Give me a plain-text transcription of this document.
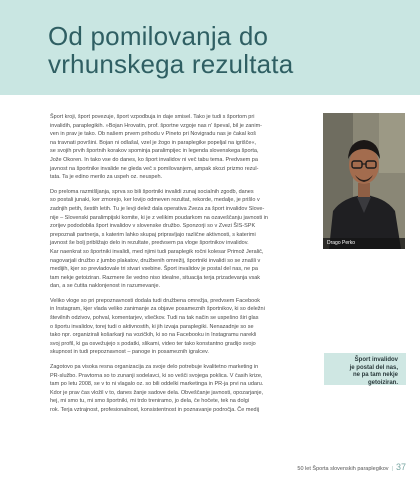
Od pomilovanja do
vrhunskega rezultata

Šport kroji, šport povezuje, šport vzpodbuja in daje smisel. Tako je tudi s športom pri
invalidih, paraplegikih. »Bojan Hrovatin, prof. športne vzgoje nas n' špeval, bil je zanim-
ven in prav je tako. Ob našem prvem prihodu v Pineto pri Novigradu nas je čakal koš
na travnati površini. Bojan ni odlašal, vzel je žogo in paraplegike popeljal na igrišče«,
se svojih prvih športnih korakov spominja paralimpijec in legenda slovenskega športa,
Jože Okoren. In tako vse do danes, ko šport invalidov ni več tabu tema. Predvsem pa
javnost na športnike invalide ne gleda več s pomilovanjem, ampak skozi prizmo rezul-
tata. Ta je edino merilo za uspeh oz. neuspeh.

Do preloma razmišljanja, sprva so bili športniki invalidi zunaj socialnih zgodb, danes
so postali junaki, ker zmorejo, ker lovijo odmeven rezultat, rekorde, medalje, je prišlo v
zadnjih petih, šestih letih. Tu je levji delež dala operativa Zveza za šport invalidov Slove-
nije – Slovenski paralimpijski komite, ki je z velikim poudarkom na ozaveščanju javnosti in
zorijev pododobila šport invalidov v slovenske družbo. Sponzorji so v Zvezi ŠIS-SPK
prepoznali partnerja, s katerim lahko skupaj pripravljajo različne aktivnosti, s katerimi
javnost še bolj približajo delo in rezultate, predvsem pa vloge športnikov invalidov.
Kar naenkrat so športniki invalidi, med njimi tudi paraplegik ročni kolesar Primož Jeralič,
nagovarjali družbo z jumbo plakatov, družbenih omrežij, športniki invalidi so se znašli v
medijih, kjer so prevladovale tri stvari vsebine. Šport invalidov je postal del nas, ne pa
tam nekje getoiziran. Razmere še vedno niso idealne, situacija terja prizadevanja vsak
dan, a se čutita naklonjenost in razumevanje.

Veliko vloge so pri prepoznavnosti dodala tudi družbena omrežja, predvsem Facebook
in Instagram, kjer vlada veliko zanimanje za objave posameznih športnikov, ki so deležni
številnih odzivov, pohval, komentarjev, všečkov. Tudi na tak način se uspešno širi glas
o športu invalidov, torej tudi o aktivnostih, ki jih izvaja paraplegiki. Nenazadnje so se
tako npr. organizirali košarkarji na vozičkih, ki so na Facebooku in Instagramu narekli
svoj profil, ki ga osvežujejo s podatki, slikami, video ter tako konstantno gradijo svojo
skupnost in tudi prepoznavnost – panoge in posameznih igralcev.

Zagotovo pa visoka resna organizacija za svoje delo potrebuje kvalitetno marketing in
PR-službo. Pravtorna so to zunanji sodelavci, ki so vešči svojega poklica. V časih krize,
tam po letu 2008, se v to ni vlagalo oz. so bili oddelki marketinga in PR-ja prvi na udaru.
Kdor je prav čas vložil v to, danes žanje sadove dela. Obveščanje javnosti, opozarjanje,
hej, mi smo tu, mi smo športniki, mi trdo treniramo, jo dela, če hočete, tek na dolgi
rok. Terja vztrajnost, profesionalnost, konsistentnost in poznavanje področja. Če medij

Drago Perko
Šport invalidov
je postal del nas,
ne pa tam nekje
getoiziran.
50 let Športa slovenskih paraplegikov | 37
